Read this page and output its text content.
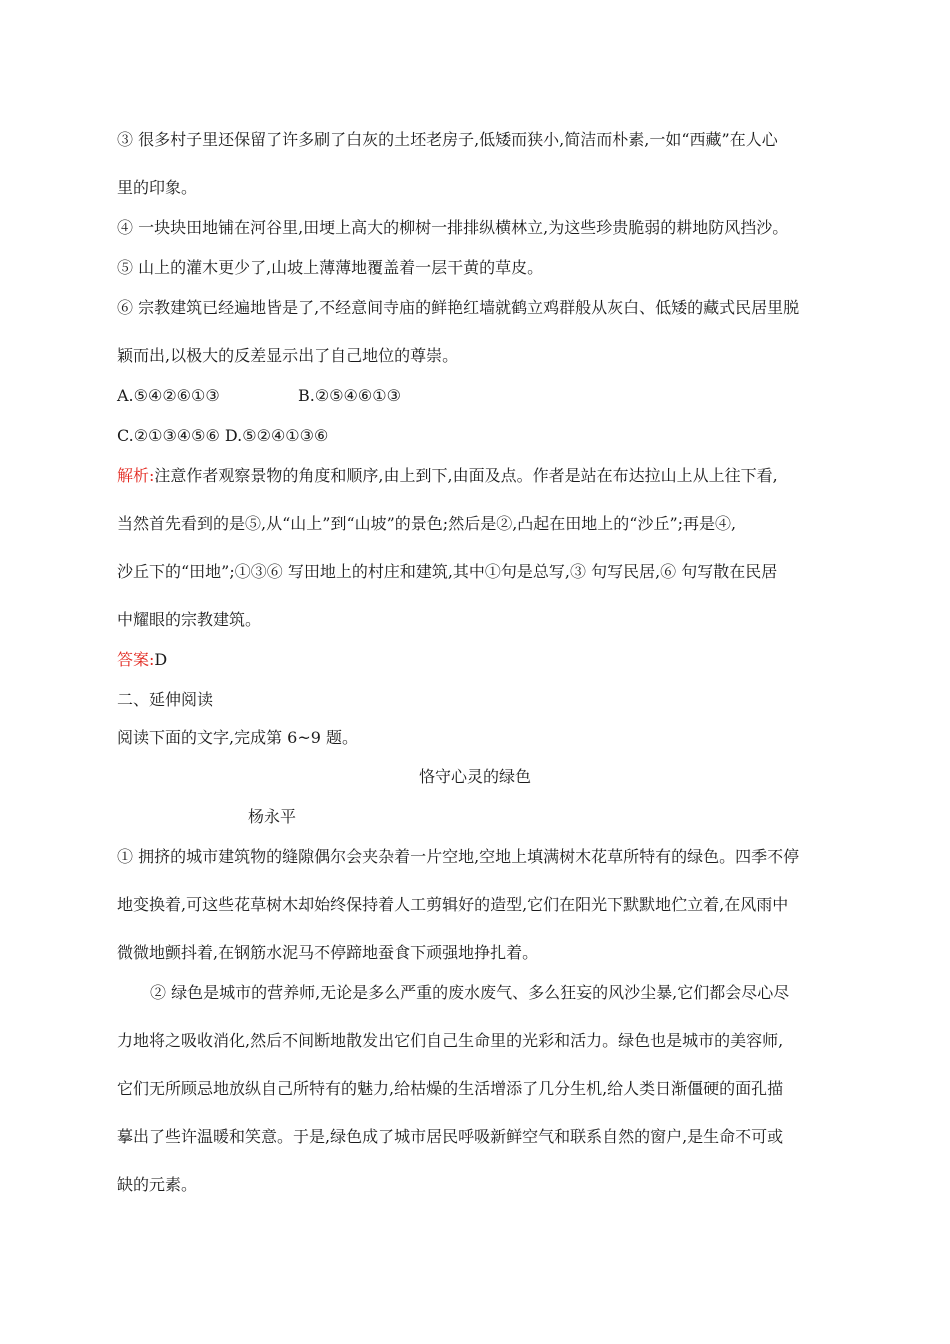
③ 很多村子里还保留了许多刷了白灰的土坯老房子,低矮而狭小,简洁而朴素,一如“西藏”在人心
里的印象。
④ 一块块田地铺在河谷里,田埂上高大的柳树一排排纵横林立,为这些珍贵脆弱的耕地防风挡沙。
⑤ 山上的灌木更少了,山坡上薄薄地覆盖着一层干黄的草皮。
⑥ 宗教建筑已经遍地皆是了,不经意间寺庙的鲜艳红墙就鹤立鸡群般从灰白、低矮的藏式民居里脱
颖而出,以极大的反差显示出了自己地位的尊崇。
A.⑤④②⑥①③	B.②⑤④⑥①③
C.②①③④⑤⑥ D.⑤②④①③⑥
解析:注意作者观察景物的角度和顺序,由上到下,由面及点。作者是站在布达拉山上从上往下看,
当然首先看到的是⑤,从“山上”到“山坡”的景色;然后是②,凸起在田地上的“沙丘”;再是④,
沙丘下的“田地”;①③⑥ 写田地上的村庄和建筑,其中①句是总写,③ 句写民居,⑥ 句写散在民居
中耀眼的宗教建筑。
答案:D
二、延伸阅读
阅读下面的文字,完成第 6~9 题。
恪守心灵的绿色
杨永平
① 拥挤的城市建筑物的缝隙偶尔会夹杂着一片空地,空地上填满树木花草所特有的绿色。四季不停
地变换着,可这些花草树木却始终保持着人工剪辑好的造型,它们在阳光下默默地伫立着,在风雨中
微微地颤抖着,在钢筋水泥马不停蹄地蚕食下顽强地挣扎着。
② 绿色是城市的营养师,无论是多么严重的废水废气、多么狂妄的风沙尘暴,它们都会尽心尽
力地将之吸收消化,然后不间断地散发出它们自己生命里的光彩和活力。绿色也是城市的美容师,
它们无所顾忌地放纵自己所特有的魅力,给枯燥的生活增添了几分生机,给人类日渐僵硬的面孔描
摹出了些许温暖和笑意。于是,绿色成了城市居民呼吸新鲜空气和联系自然的窗户,是生命不可或
缺的元素。
